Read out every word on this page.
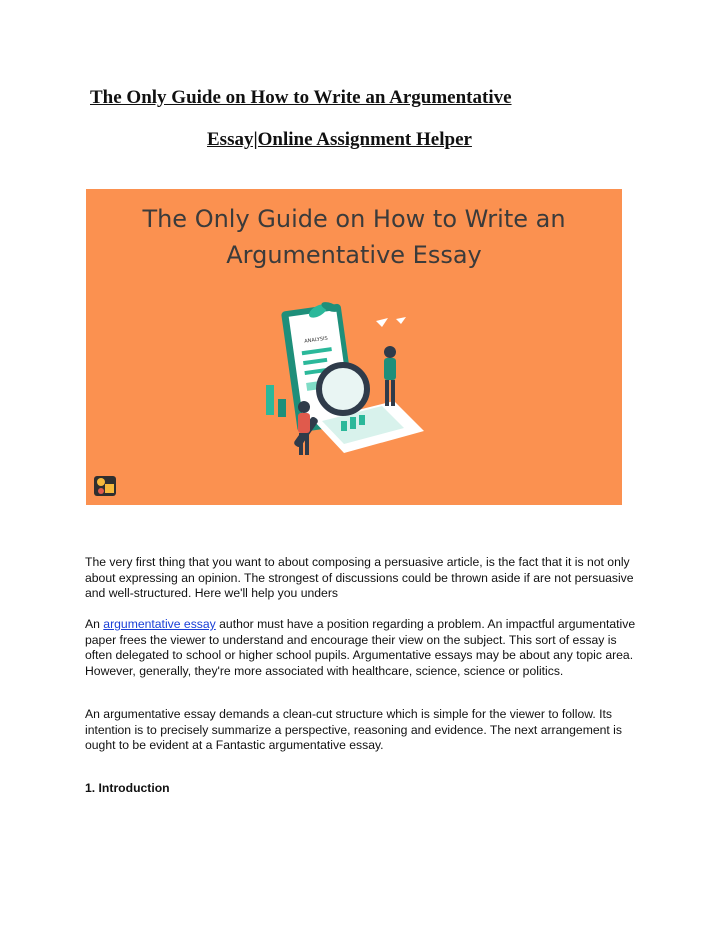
The Only Guide on How to Write an Argumentative
Essay|Online Assignment Helper
ANALYSIS
The Only Guide on How to Write an
Argumentative Essay

The very first thing that you want to about composing a persuasive article, is the fact that it is not only about expressing an opinion. The strongest of discussions could be thrown aside if are not persuasive and well-structured. Here we'll help you unders

An argumentative essay author must have a position regarding a problem. An impactful argumentative paper frees the viewer to understand and encourage their view on the subject. This sort of essay is often delegated to school or higher school pupils. Argumentative essays may be about any topic area. However, generally, they're more associated with healthcare, science, science or politics.

An argumentative essay demands a clean-cut structure which is simple for the viewer to follow. Its intention is to precisely summarize a perspective, reasoning and evidence. The next arrangement is ought to be evident at a Fantastic argumentative essay.

1. Introduction
